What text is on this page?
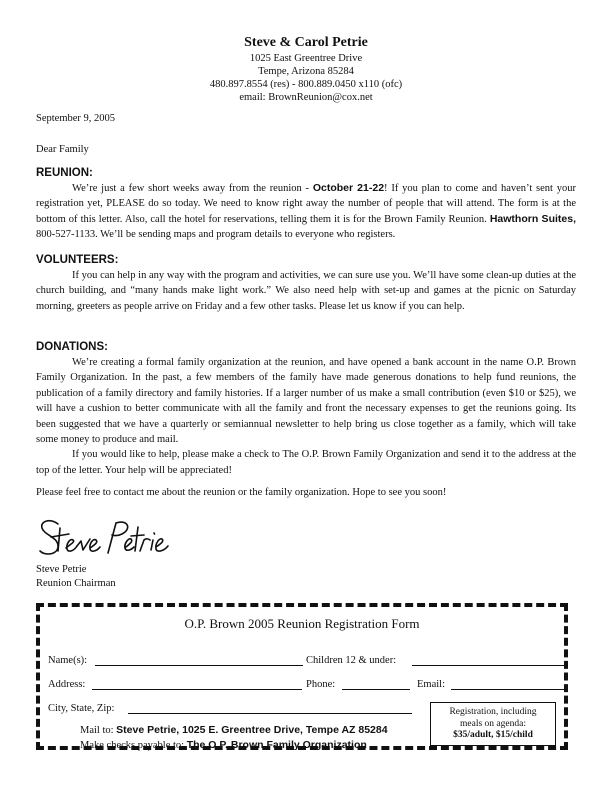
Steve & Carol Petrie
1025 East Greentree Drive
Tempe, Arizona 85284
480.897.8554 (res) - 800.889.0450 x110 (ofc)
email: BrownReunion@cox.net
September 9, 2005
Dear Family
REUNION:

We’re just a few short weeks away from the reunion - October 21-22! If you plan to come and haven’t sent your registration yet, PLEASE do so today. We need to know right away the number of people that will attend. The form is at the bottom of this letter. Also, call the hotel for reservations, telling them it is for the Brown Family Reunion. Hawthorn Suites, 800-527-1133. We’ll be sending maps and program details to everyone who registers.

VOLUNTEERS:

If you can help in any way with the program and activities, we can sure use you. We’ll have some clean-up duties at the church building, and “many hands make light work.” We also need help with set-up and games at the picnic on Saturday morning, greeters as people arrive on Friday and a few other tasks. Please let us know if you can help.

DONATIONS:

We’re creating a formal family organization at the reunion, and have opened a bank account in the name O.P. Brown Family Organization. In the past, a few members of the family have made generous donations to help fund reunions, the publication of a family directory and family histories. If a larger number of us make a small contribution (even $10 or $25), we will have a cushion to better communicate with all the family and front the necessary expenses to get the reunions going. Its been suggested that we have a quarterly or semiannual newsletter to help bring us close together as a family, which will take some money to produce and mail.

If you would like to help, please make a check to The O.P. Brown Family Organization and send it to the address at the top of the letter. Your help will be appreciated!

Please feel free to contact me about the reunion or the family organization. Hope to see you soon!
Steve Petrie
Reunion Chairman
O.P. Brown 2005 Reunion Registration Form
Name(s):	Children 12 & under:
Address:	Phone:	Email:
City, State, Zip:
Mail to: Steve Petrie, 1025 E. Greentree Drive, Tempe AZ 85284
Make checks payable to: The O.P. Brown Family Organization
Registration, including
meals on agenda:
$35/adult, $15/child
